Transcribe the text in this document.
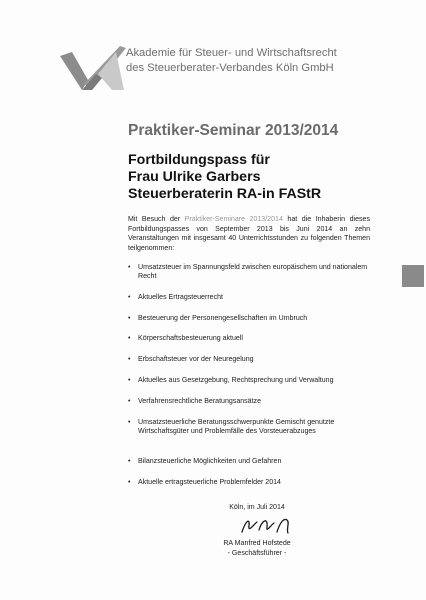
Akademie für Steuer- und Wirtschaftsrecht
des Steuerberater-Verbandes Köln GmbH
Praktiker-Seminar 2013/2014
Fortbildungspass für
Frau Ulrike Garbers
Steuerberaterin RA-in FAStR
Mit Besuch der Praktiker-Seminare 2013/2014 hat die Inhaberin dieses Fortbildungspasses von September 2013 bis Juni 2014 an zehn Veranstaltungen mit insgesamt 40 Unterrichtsstunden zu folgenden Themen teilgenommen:
• Umsatzsteuer im Spannungsfeld zwischen europäischem und nationalem Recht
• Aktuelles Ertragsteuerrecht
• Besteuerung der Personengesellschaften im Umbruch
• Körperschaftsbesteuerung aktuell
• Erbschaftsteuer vor der Neuregelung
• Aktuelles aus Gesetzgebung, Rechtsprechung und Verwaltung
• Verfahrensrechtliche Beratungsansätze
• Umsatzsteuerliche Beratungsschwerpunkte Gemischt genutzte Wirtschaftsgüter und Problemfälle des Vorsteuerabzuges
• Bilanzsteuerliche Möglichkeiten und Gefahren
• Aktuelle ertragsteuerliche Problemfelder 2014
Köln, im Juli 2014
RA Manfred Hofstede
- Geschäftsführer -
